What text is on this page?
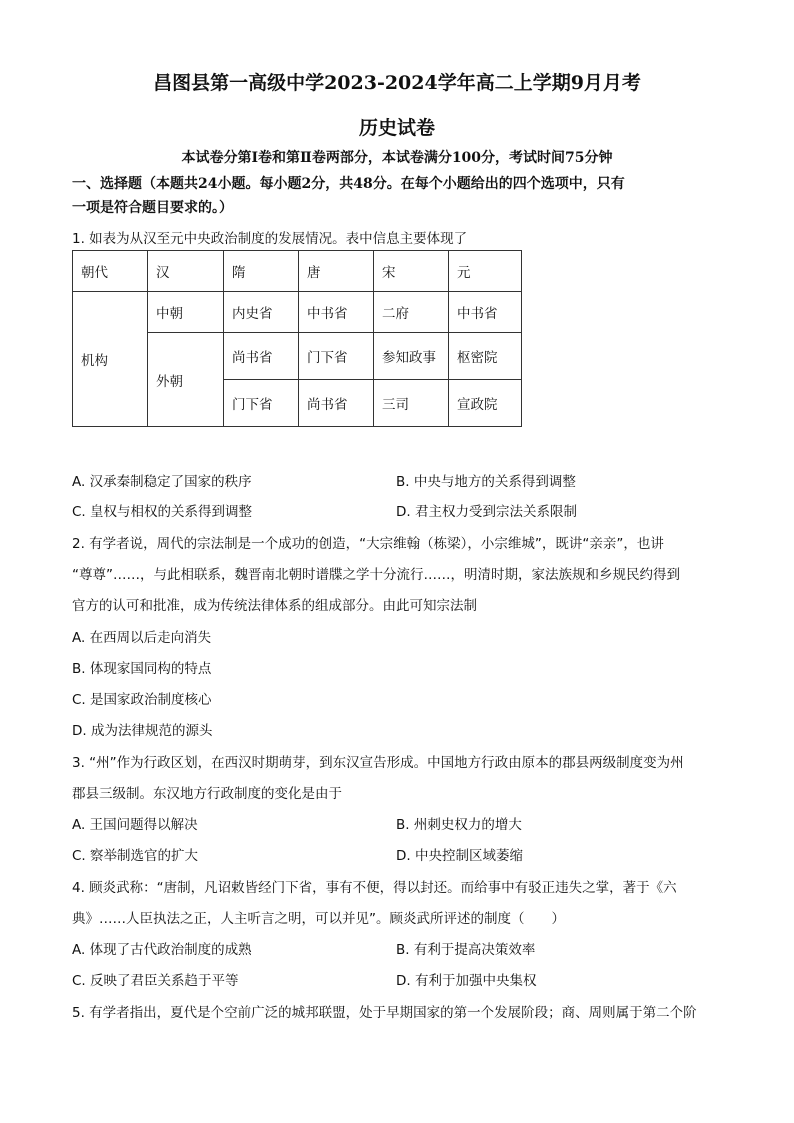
昌图县第一高级中学2023-2024学年高二上学期9月月考
历史试卷
本试卷分第Ⅰ卷和第Ⅱ卷两部分，本试卷满分100分，考试时间75分钟
一、选择题（本题共24小题。每小题2分，共48分。在每个小题给出的四个选项中，只有
一项是符合题目要求的。）
1. 如表为从汉至元中央政治制度的发展情况。表中信息主要体现了
朝代	汉	隋	唐	宋	元
机构	中朝	内史省	中书省	二府	中书省
	外朝	尚书省	门下省	参知政事	枢密院
		门下省	尚书省	三司	宣政院
A. 汉承秦制稳定了国家的秩序	B. 中央与地方的关系得到调整
C. 皇权与相权的关系得到调整	D. 君主权力受到宗法关系限制
2. 有学者说，周代的宗法制是一个成功的创造，“大宗维翰（栋梁），小宗维城”，既讲“亲亲”，也讲
“尊尊”……，与此相联系，魏晋南北朝时谱牒之学十分流行……，明清时期，家法族规和乡规民约得到
官方的认可和批准，成为传统法律体系的组成部分。由此可知宗法制
A. 在西周以后走向消失
B. 体现家国同构的特点
C. 是国家政治制度核心
D. 成为法律规范的源头
3. “州”作为行政区划，在西汉时期萌芽，到东汉宣告形成。中国地方行政由原本的郡县两级制度变为州
郡县三级制。东汉地方行政制度的变化是由于
A. 王国问题得以解决	B. 州刺史权力的增大
C. 察举制选官的扩大	D. 中央控制区域萎缩
4. 顾炎武称：“唐制，凡诏敕皆经门下省，事有不便，得以封还。而给事中有驳正违失之掌，著于《六
典》……人臣执法之正，人主听言之明，可以并见”。顾炎武所评述的制度（　　）
A. 体现了古代政治制度的成熟	B. 有利于提高决策效率
C. 反映了君臣关系趋于平等	D. 有利于加强中央集权
5. 有学者指出，夏代是个空前广泛的城邦联盟，处于早期国家的第一个发展阶段；商、周则属于第二个阶
